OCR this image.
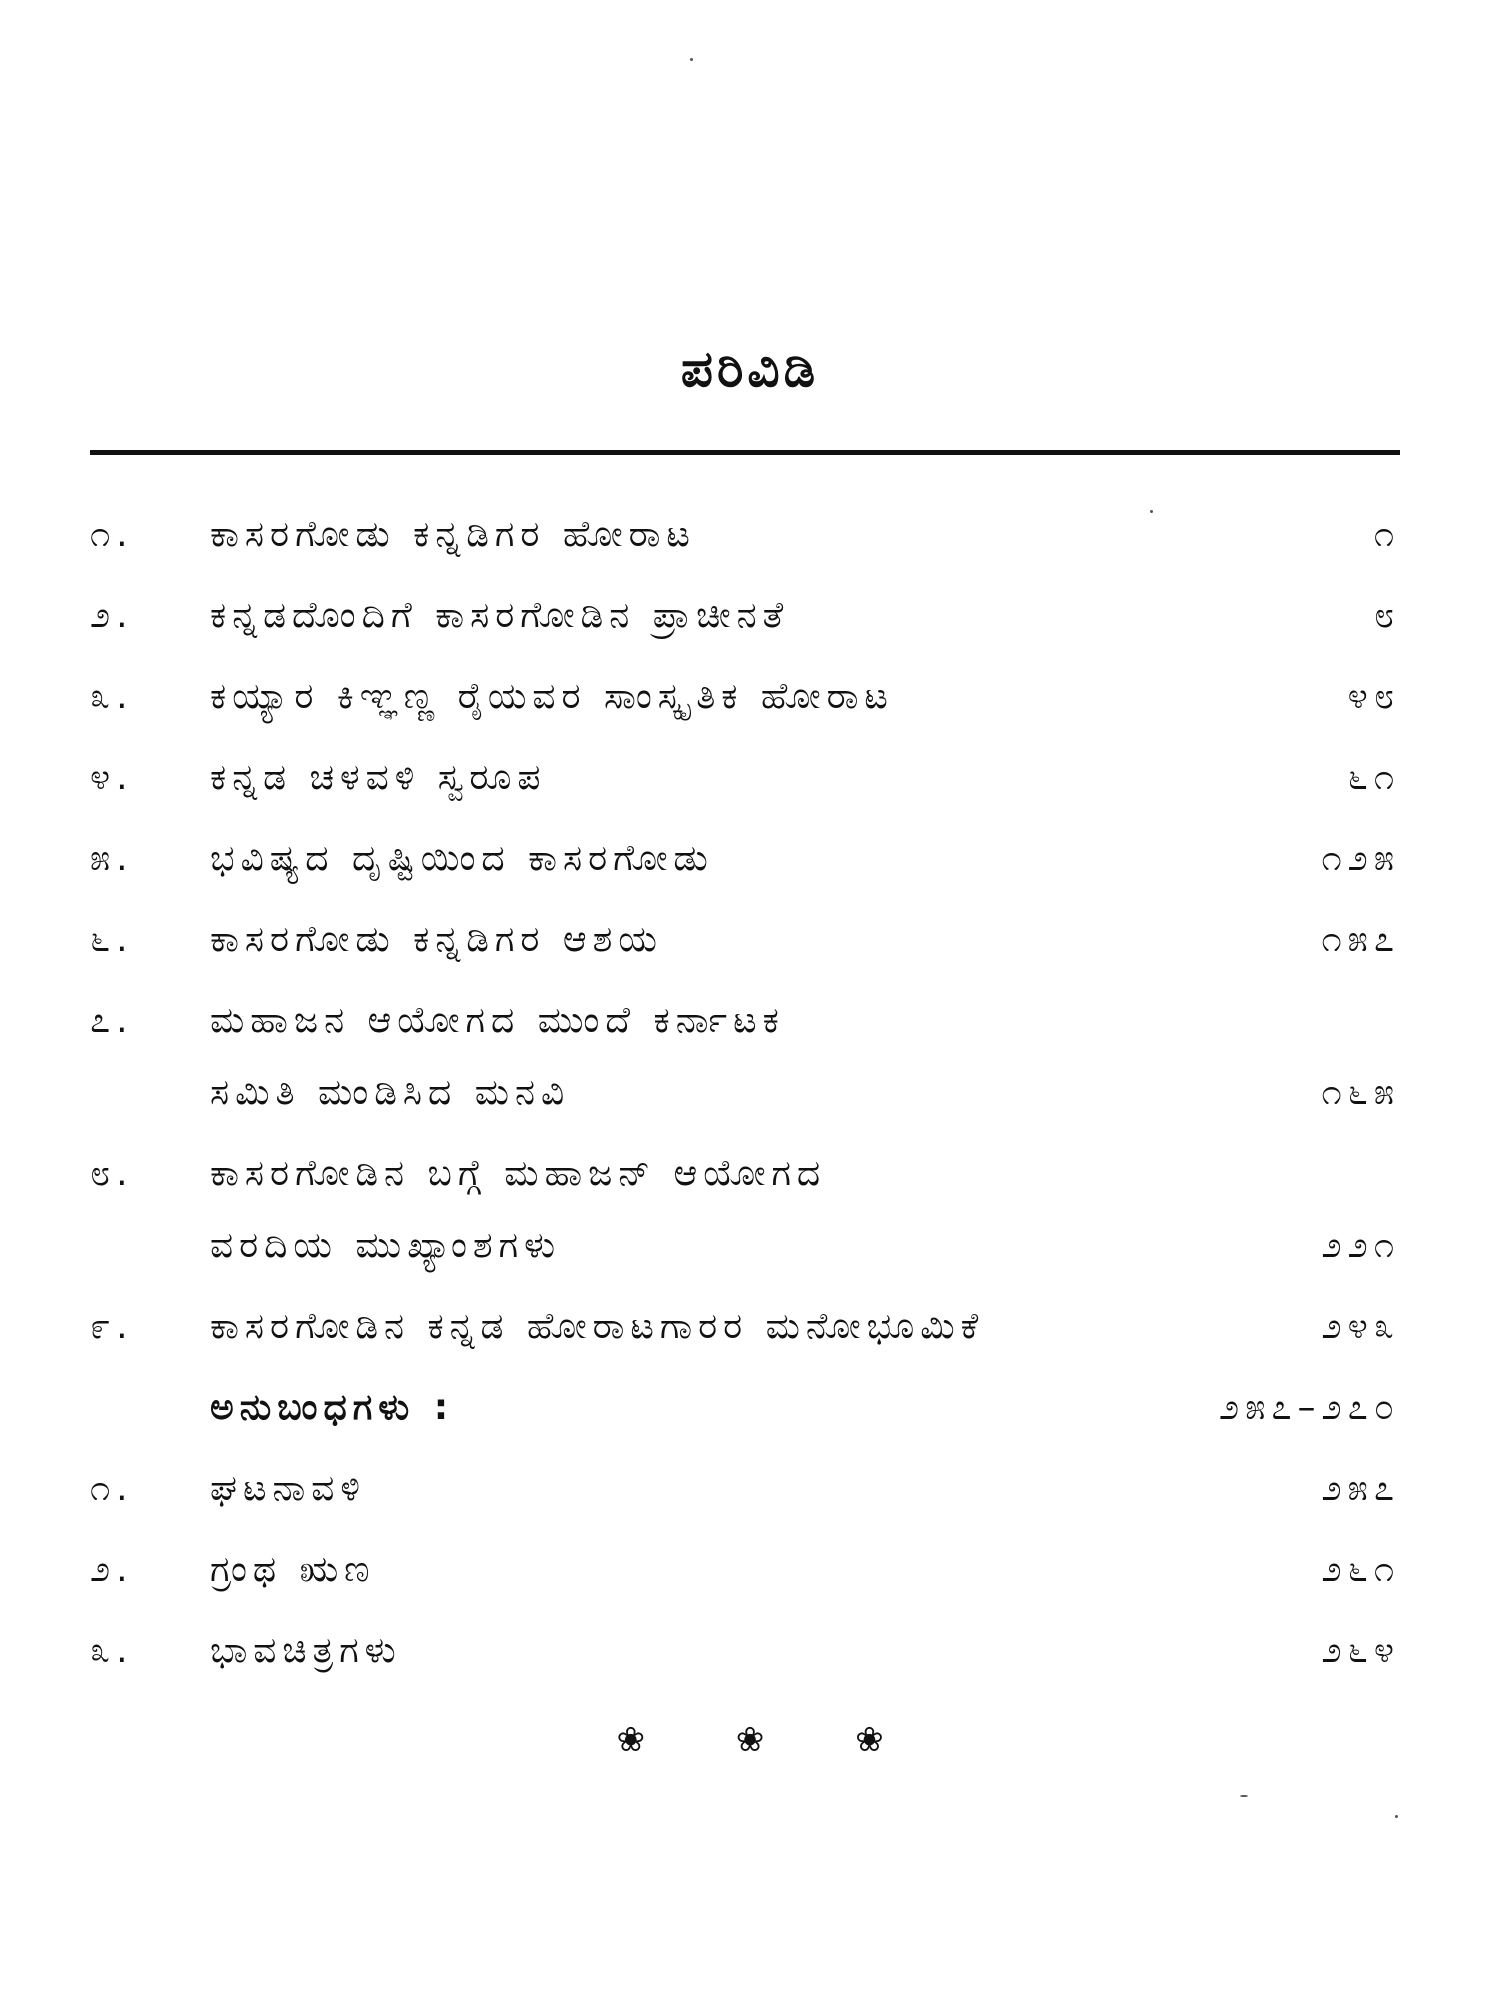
ಪರಿವಿಡಿ
೧.	ಕಾಸರಗೋಡು ಕನ್ನಡಿಗರ ಹೋರಾಟ	೧
೨.	ಕನ್ನಡದೊಂದಿಗೆ ಕಾಸರಗೋಡಿನ ಪ್ರಾಚೀನತೆ	೮
೩.	ಕಯ್ಯಾರ ಕಿಞ್ಞಣ್ಣ ರೈಯವರ ಸಾಂಸ್ಕೃತಿಕ ಹೋರಾಟ	೪೮
೪.	ಕನ್ನಡ ಚಳವಳಿ ಸ್ವರೂಪ	೬೧
೫.	ಭವಿಷ್ಯದ ದೃಷ್ಟಿಯಿಂದ ಕಾಸರಗೋಡು	೧೨೫
೬.	ಕಾಸರಗೋಡು ಕನ್ನಡಿಗರ ಆಶಯ	೧೫೭
೭.	ಮಹಾಜನ ಆಯೋಗದ ಮುಂದೆ ಕರ್ನಾಟಕ
ಸಮಿತಿ ಮಂಡಿಸಿದ ಮನವಿ	೧೬೫
೮.	ಕಾಸರಗೋಡಿನ ಬಗ್ಗೆ ಮಹಾಜನ್ ಆಯೋಗದ
ವರದಿಯ ಮುಖ್ಯಾಂಶಗಳು	೨೨೧
೯.	ಕಾಸರಗೋಡಿನ ಕನ್ನಡ ಹೋರಾಟಗಾರರ ಮನೋಭೂಮಿಕೆ	೨೪೩
ಅನುಬಂಧಗಳು :	೨೫೭–೨೭೦
೧.	ಘಟನಾವಳಿ	೨೫೭
೨.	ಗ್ರಂಥ ಋಣ	೨೬೧
೩.	ಭಾವಚಿತ್ರಗಳು	೨೬೪
❀	❀	❀
